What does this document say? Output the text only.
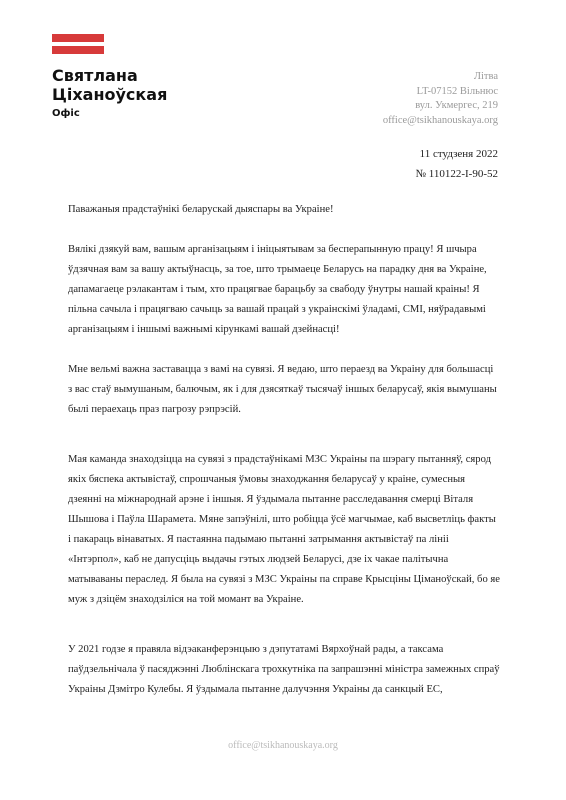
Святлана
Ціханоўская
Офіс
Літва
LT-07152 Вільнюс
вул. Укмергес, 219
office@tsikhanouskaya.org
11 студзеня 2022
№ 110122-І-90-52
Паважаныя прадстаўнікі беларускай дыяспары ва Украіне!
Вялікі дзякуй вам, вашым арганізацыям і ініцыятывам за бесперапынную працу! Я шчыра ўдзячная вам за вашу актыўнасць, за тое, што трымаеце Беларусь на парадку дня ва Украіне, дапамагаеце рэлакантам і тым, хто працягвае барацьбу за свабоду ўнутры нашай краіны! Я пільна сачыла і працягваю сачыць за вашай працай з украінскімі ўладамі, СМІ, няўрадавымі арганізацыям і іншымі важнымі кірункамі вашай дзейнасці!
Мне вельмі важна заставацца з вамі на сувязі. Я ведаю, што пераезд ва Украіну для большасці з вас стаў вымушаным, балючым, як і для дзясяткаў тысячаў іншых беларусаў, якія вымушаны былі пераехаць праз пагрозу рэпрэсій.
Мая каманда знаходзіцца на сувязі з прадстаўнікамі МЗС Украіны па шэрагу пытанняў, сярод якіх бяспека актывістаў, спрошчаныя ўмовы знаходжання беларусаў у краіне, сумесныя дзеянні на міжнароднай арэне і іншыя. Я ўздымала пытанне расследавання смерці Віталя Шышова і Паўла Шарамета. Мяне запэўнілі, што робіцца ўсё магчымае, каб высветліць факты і пакараць вінаватых. Я пастаянна падымаю пытанні затрымання актывістаў па лініі «Інтэрпол», каб не дапусціць выдачы гэтых людзей Беларусі, дзе іх чакае палітычна матываваны пераслед. Я была на сувязі з МЗС Украіны па справе Крысціны Ціманоўскай, бо яе муж з дзіцём знаходзіліся на той момант ва Украіне.
У 2021 годзе я правяла відэаканферэнцыю з дэпутатамі Вярхоўнай рады, а таксама паўдзельнічала ў пасяджэнні Люблінскага трохкутніка па запрашэнні міністра замежных спраў Украіны Дзмітро Кулебы. Я ўздымала пытанне далучэння Украіны да санкцый ЕС,
office@tsikhanouskaya.org
